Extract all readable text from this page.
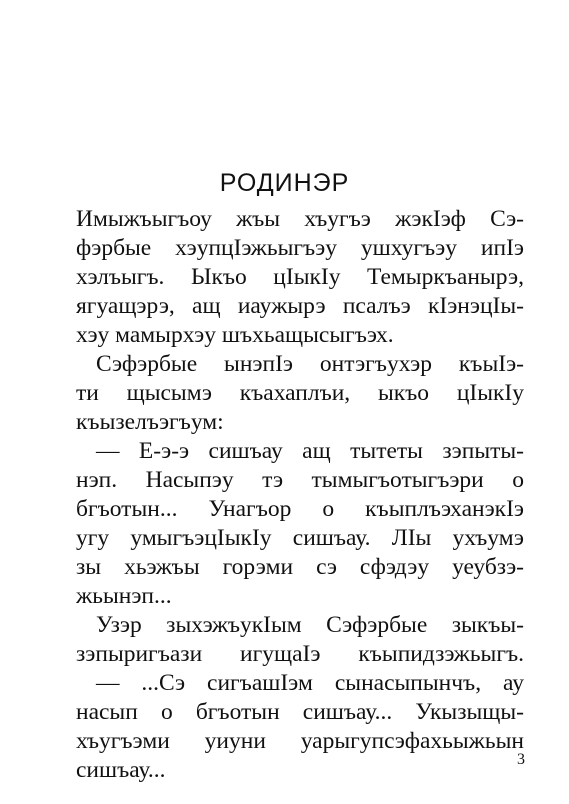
РОДИНЭР
Имыжъыгъоу жъы хъугъэ жэкІэф Сэ-
фэрбые хэупцІэжьыгъэу ушхугъэу ипІэ
хэлъыгъ. Ыкъо цІыкІу Темыркъанырэ,
ягуащэрэ, ащ иаужырэ псалъэ кІэнэцІы-
хэу мамырхэу шъхьащысыгъэх.
Сэфэрбые ынэпІэ онтэгъухэр къыІэ-
ти щысымэ къахаплъи, ыкъо цІыкІу
къызелъэгъум:
— Е-э-э сишъау ащ тытеты зэпыты-
нэп. Насыпэу тэ тымыгъотыгъэри о
бгъотын... Унагъор о къыплъэханэкІэ
угу умыгъэцІыкІу сишъау. ЛІы ухъумэ
зы хьэжъы горэми сэ сфэдэу уеубзэ-
жьынэп...
Узэр зыхэжъукІым Сэфэрбые зыкъы-
зэпыригъази игущаІэ къыпидзэжьыгъ.
— ...Сэ сигъашІэм сынасыпынчъ, ау
насып о бгъотын сишъау... Укызыщы-
хъугъэми уиуни уарыгупсэфахьыжьын
сишъау...	3
